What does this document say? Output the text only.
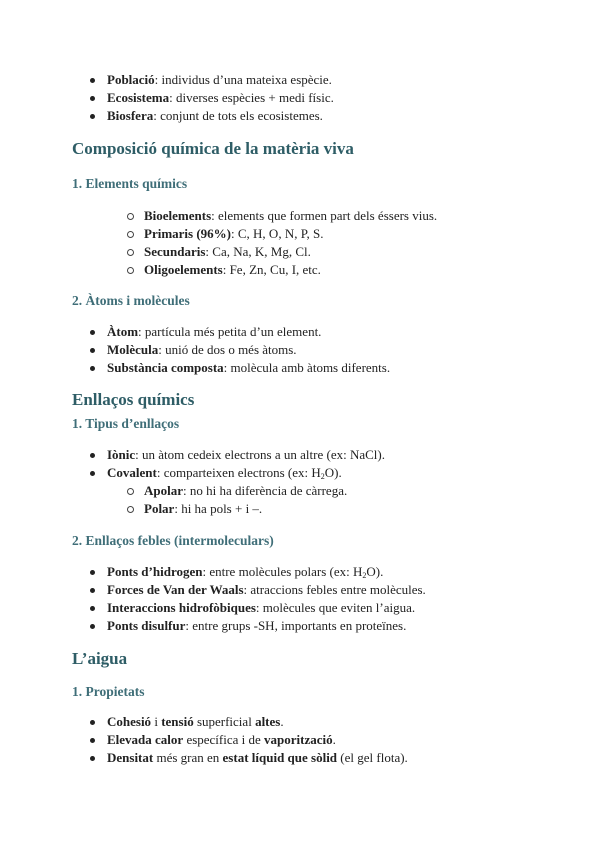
Població: individus d’una mateixa espècie.
Ecosistema: diverses espècies + medi físic.
Biosfera: conjunt de tots els ecosistemes.
Composició química de la matèria viva
1. Elements químics
Bioelements: elements que formen part dels éssers vius.
Primaris (96%): C, H, O, N, P, S.
Secundaris: Ca, Na, K, Mg, Cl.
Oligoelements: Fe, Zn, Cu, I, etc.
2. Àtoms i molècules
Àtom: partícula més petita d’un element.
Molècula: unió de dos o més àtoms.
Substància composta: molècula amb àtoms diferents.
Enllaços químics
1. Tipus d’enllaços
Iònic: un àtom cedeix electrons a un altre (ex: NaCl).
Covalent: comparteixen electrons (ex: $H_2O$).
Apolar: no hi ha diferència de càrrega.
Polar: hi ha pols + i –.
2. Enllaços febles (intermoleculars)
Ponts d’hidrogen: entre molècules polars (ex: $H_2O$).
Forces de Van der Waals: atraccions febles entre molècules.
Interaccions hidrofòbiques: molècules que eviten l’aigua.
Ponts disulfur: entre grups -SH, importants en proteïnes.
L’aigua
1. Propietats
Cohesió i tensió superficial altes.
Elevada calor específica i de vaporització.
Densitat més gran en estat líquid que sòlid (el gel flota).
